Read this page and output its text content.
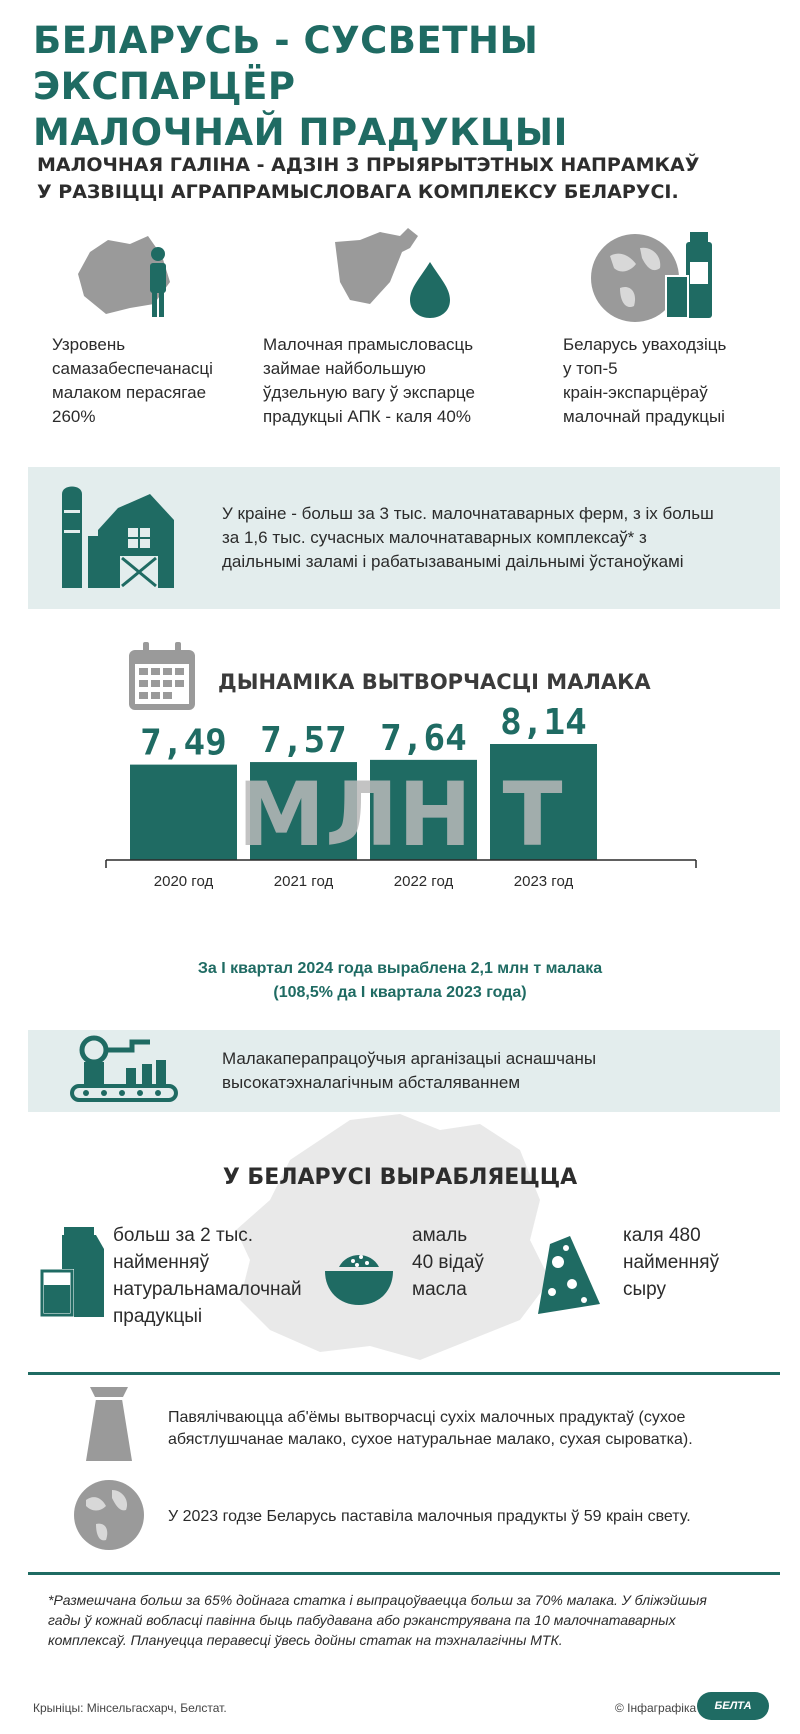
БЕЛАРУСЬ - СУСВЕТНЫ ЭКСПАРЦЁР
МАЛОЧНАЙ ПРАДУКЦЫІ
МАЛОЧНАЯ ГАЛІНА - АДЗІН З ПРЫЯРЫТЭТНЫХ НАПРАМКАЎ
У РАЗВІЦЦІ АГРАПРАМЫСЛОВАГА КОМПЛЕКСУ БЕЛАРУСІ.
Узровень
самазабеспечанасці
малаком перасягае
260%
Малочная прамысловасць
займае найбольшую
ўдзельную вагу ў экспарце
прадукцыі АПК - каля 40%
Беларусь уваходзіць
у топ-5
краін-экспарцёраў
малочнай прадукцыі
У краіне - больш за 3 тыс. малочнатаварных ферм, з іх больш
за 1,6 тыс. сучасных малочнатаварных комплексаў* з
даільнымі заламі і рабатызаванымі даільнымі ўстаноўкамі
ДЫНАМІКА ВЫТВОРЧАСЦІ МАЛАКА
7,49
2020 год
7,57
2021 год
7,64
2022 год
8,14
2023 год
МЛН Т
За І квартал 2024 года выраблена 2,1 млн т малака
(108,5% да І квартала 2023 года)
Малакаперапрацоўчыя арганізацыі аснашчаны
высокатэхналагічным абсталяваннем
У БЕЛАРУСІ ВЫРАБЛЯЕЦЦА
больш за 2 тыс.
найменняў
натуральнамалочнай
прадукцыі
амаль
40 відаў
масла
каля 480
найменняў
сыру
Павялічваюцца аб'ёмы вытворчасці сухіх малочных прадуктаў (сухое
абястлушчанае малако, сухое натуральнае малако, сухая сыроватка).
У 2023 годзе Беларусь паставіла малочныя прадукты ў 59 краін свету.
*Размешчана больш за 65% дойнага статка і выпрацоўваецца больш за 70% малака. У бліжэйшыя
гады ў кожнай вобласці павінна быць пабудавана або рэканструявана па 10 малочнатаварных
комплексаў. Плануецца перавесці ўвесь дойны статак на тэхналагічны МТК.
Крыніцы: Мінсельгасхарч, Белстат.	© Інфаграфіка	БЕЛТА
